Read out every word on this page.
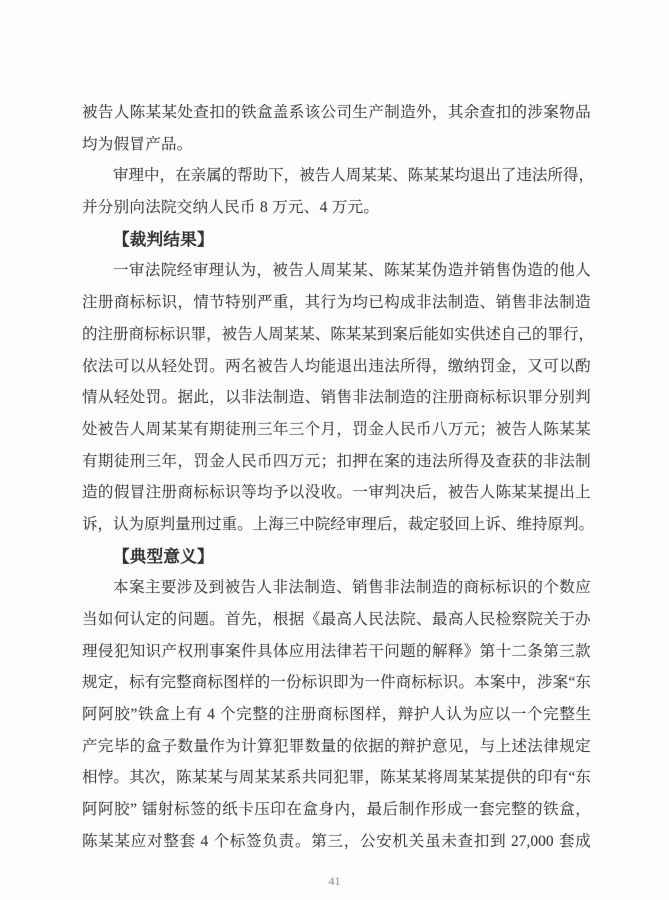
被 告 人 陈 某 某 处 查 扣 的 铁 盒 盖 系 该 公 司 生 产 制 造 外 ， 其 余 查 扣 的 涉 案 物 品
均为假冒产品。
审 理 中 ， 在 亲 属 的 帮 助 下 ， 被 告 人 周 某 某 、 陈 某 某 均 退 出 了 违 法 所 得 ，
并分别向法院交纳人民币 8 万元、4 万元。
【裁判结果】
一 审 法 院 经 审 理 认 为 ， 被 告 人 周 某 某 、 陈 某 某 伪 造 并 销 售 伪 造 的 他 人
注 册 商 标 标 识 ， 情 节 特 别 严 重 ， 其 行 为 均 已 构 成 非 法 制 造 、 销 售 非 法 制 造
的 注 册 商 标 标 识 罪 ， 被 告 人 周 某 某 、 陈 某 某 到 案 后 能 如 实 供 述 自 己 的 罪 行 ，
依 法 可 以 从 轻 处 罚 。 两 名 被 告 人 均 能 退 出 违 法 所 得 ， 缴 纳 罚 金 ， 又 可 以 酌
情 从 轻 处 罚 。 据 此 ， 以 非 法 制 造 、 销 售 非 法 制 造 的 注 册 商 标 标 识 罪 分 别 判
处 被 告 人 周 某 某 有 期 徒 刑 三 年 三 个 月 ， 罚 金 人 民 币 八 万 元 ； 被 告 人 陈 某 某
有 期 徒 刑 三 年 ， 罚 金 人 民 币 四 万 元 ； 扣 押 在 案 的 违 法 所 得 及 查 获 的 非 法 制
造 的 假 冒 注 册 商 标 标 识 等 均 予 以 没 收 。 一 审 判 决 后 ， 被 告 人 陈 某 某 提 出 上
诉 ， 认 为 原 判 量 刑 过 重 。 上 海 三 中 院 经 审 理 后 ， 裁 定 驳 回 上 诉 、 维 持 原 判 。
【典型意义】
本 案 主 要 涉 及 到 被 告 人 非 法 制 造 、 销 售 非 法 制 造 的 商 标 标 识 的 个 数 应
当 如 何 认 定 的 问 题 。 首 先 ， 根 据 《 最 高 人 民 法 院 、 最 高 人 民 检 察 院 关 于 办
理 侵 犯 知 识 产 权 刑 事 案 件 具 体 应 用 法 律 若 干 问 题 的 解 释 》 第 十 二 条 第 三 款
规 定 ， 标 有 完 整 商 标 图 样 的 一 份 标 识 即 为 一 件 商 标 标 识 。 本 案 中 ， 涉 案 “ 东
阿 阿 胶 ” 铁 盒 上 有
4
个 完 整 的 注 册 商 标 图 样 ， 辩 护 人 认 为 应 以 一 个 完 整 生
产 完 毕 的 盒 子 数 量 作 为 计 算 犯 罪 数 量 的 依 据 的 辩 护 意 见 ， 与 上 述 法 律 规 定
相 悖 。 其 次 ， 陈 某 某 与 周 某 某 系 共 同 犯 罪 ， 陈 某 某 将 周 某 某 提 供 的 印 有 “ 东
阿 阿 胶 ”
镭 射 标 签 的 纸 卡 压 印 在 盒 身 内 ， 最 后 制 作 形 成 一 套 完 整 的 铁 盒 ，
陈 某 某 应 对 整 套
4
个 标 签 负 责 。 第 三 ， 公 安 机 关 虽 未 查 扣 到
27,000
套 成
41
